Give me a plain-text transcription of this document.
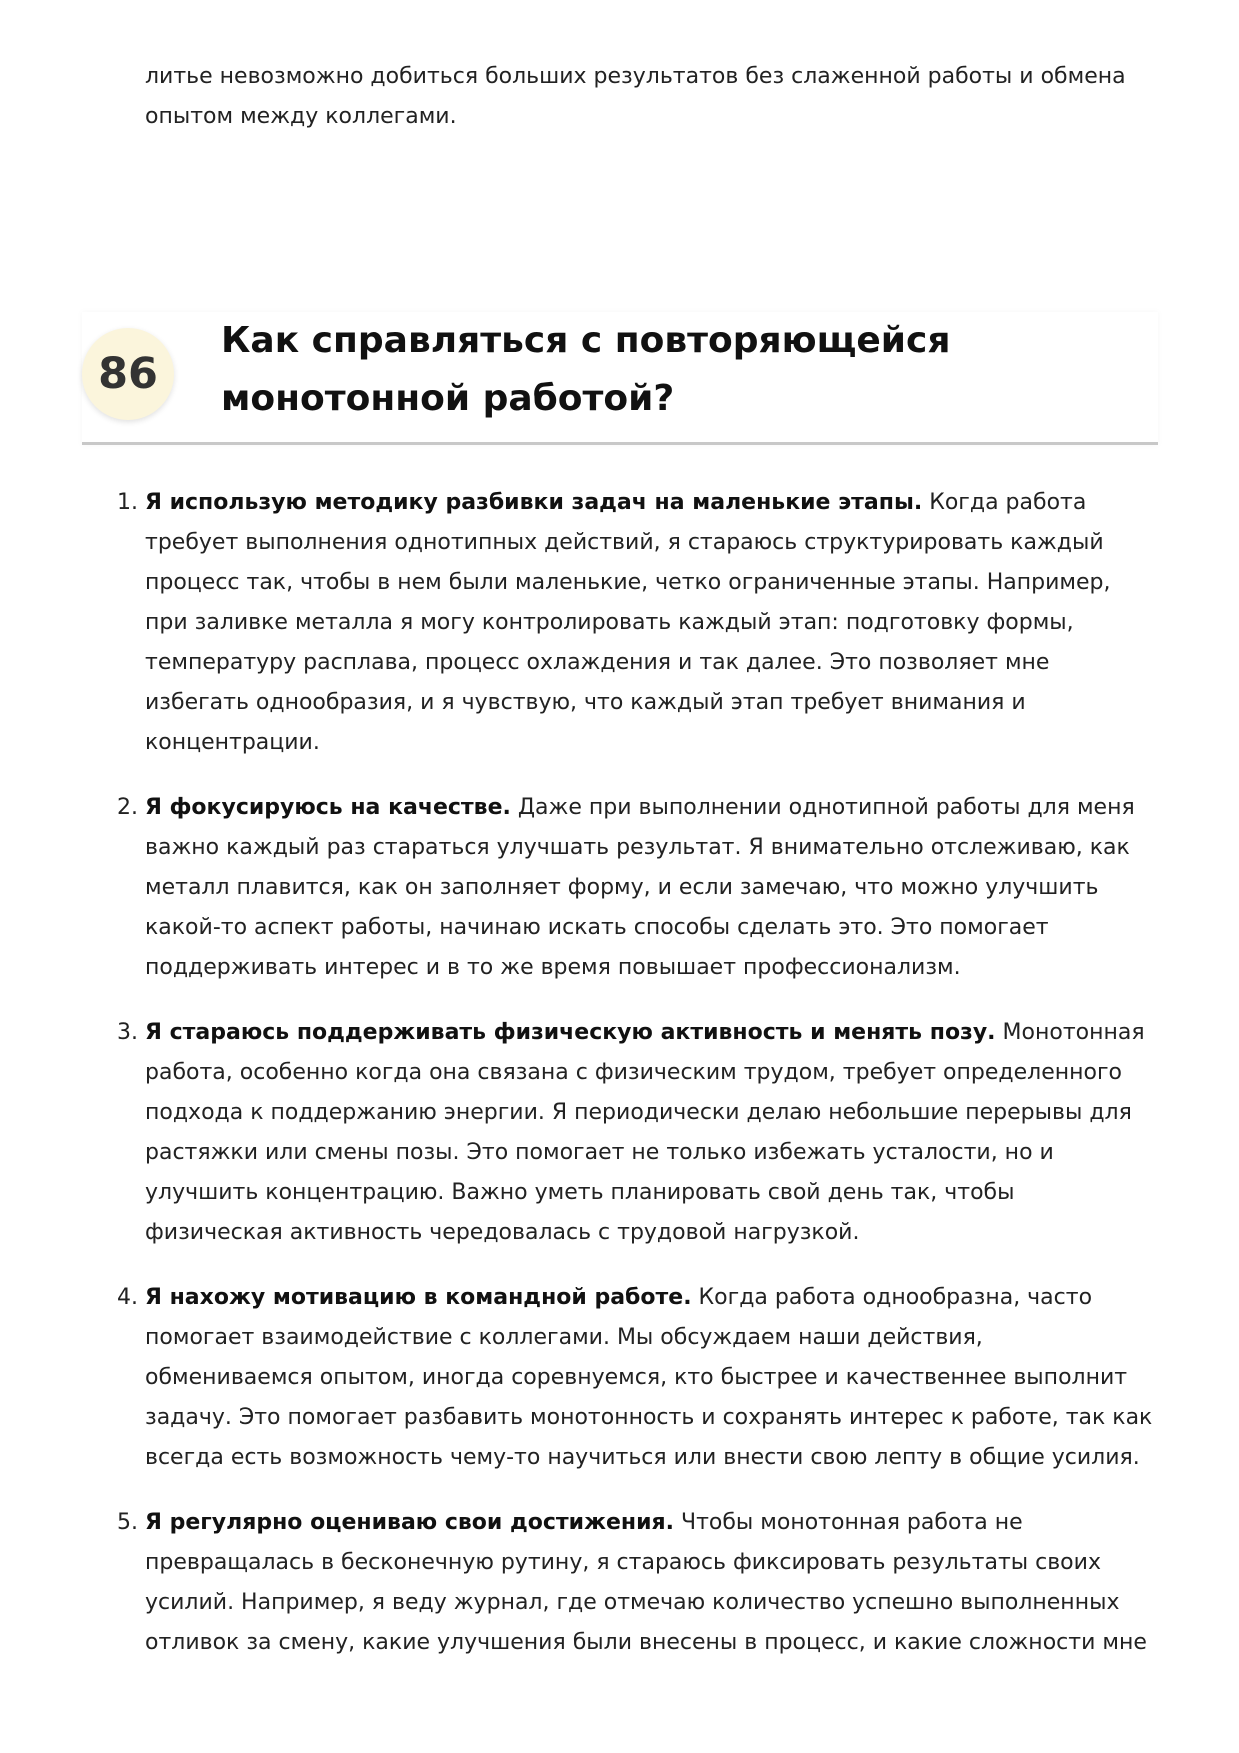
литье невозможно добиться больших результатов без слаженной работы и обмена опытом между коллегами.

86
Как справляться с повторяющейся монотонной работой?
1. Я использую методику разбивки задач на маленькие этапы. Когда работа требует выполнения однотипных действий, я стараюсь структурировать каждый процесс так, чтобы в нем были маленькие, четко ограниченные этапы. Например, при заливке металла я могу контролировать каждый этап: подготовку формы, температуру расплава, процесс охлаждения и так далее. Это позволяет мне избегать однообразия, и я чувствую, что каждый этап требует внимания и концентрации.
2. Я фокусируюсь на качестве. Даже при выполнении однотипной работы для меня важно каждый раз стараться улучшать результат. Я внимательно отслеживаю, как металл плавится, как он заполняет форму, и если замечаю, что можно улучшить какой-то аспект работы, начинаю искать способы сделать это. Это помогает поддерживать интерес и в то же время повышает профессионализм.
3. Я стараюсь поддерживать физическую активность и менять позу. Монотонная работа, особенно когда она связана с физическим трудом, требует определенного подхода к поддержанию энергии. Я периодически делаю небольшие перерывы для растяжки или смены позы. Это помогает не только избежать усталости, но и улучшить концентрацию. Важно уметь планировать свой день так, чтобы физическая активность чередовалась с трудовой нагрузкой.
4. Я нахожу мотивацию в командной работе. Когда работа однообразна, часто помогает взаимодействие с коллегами. Мы обсуждаем наши действия, обмениваемся опытом, иногда соревнуемся, кто быстрее и качественнее выполнит задачу. Это помогает разбавить монотонность и сохранять интерес к работе, так как всегда есть возможность чему-то научиться или внести свою лепту в общие усилия.
5. Я регулярно оцениваю свои достижения. Чтобы монотонная работа не превращалась в бесконечную рутину, я стараюсь фиксировать результаты своих усилий. Например, я веду журнал, где отмечаю количество успешно выполненных отливок за смену, какие улучшения были внесены в процесс, и какие сложности мне
